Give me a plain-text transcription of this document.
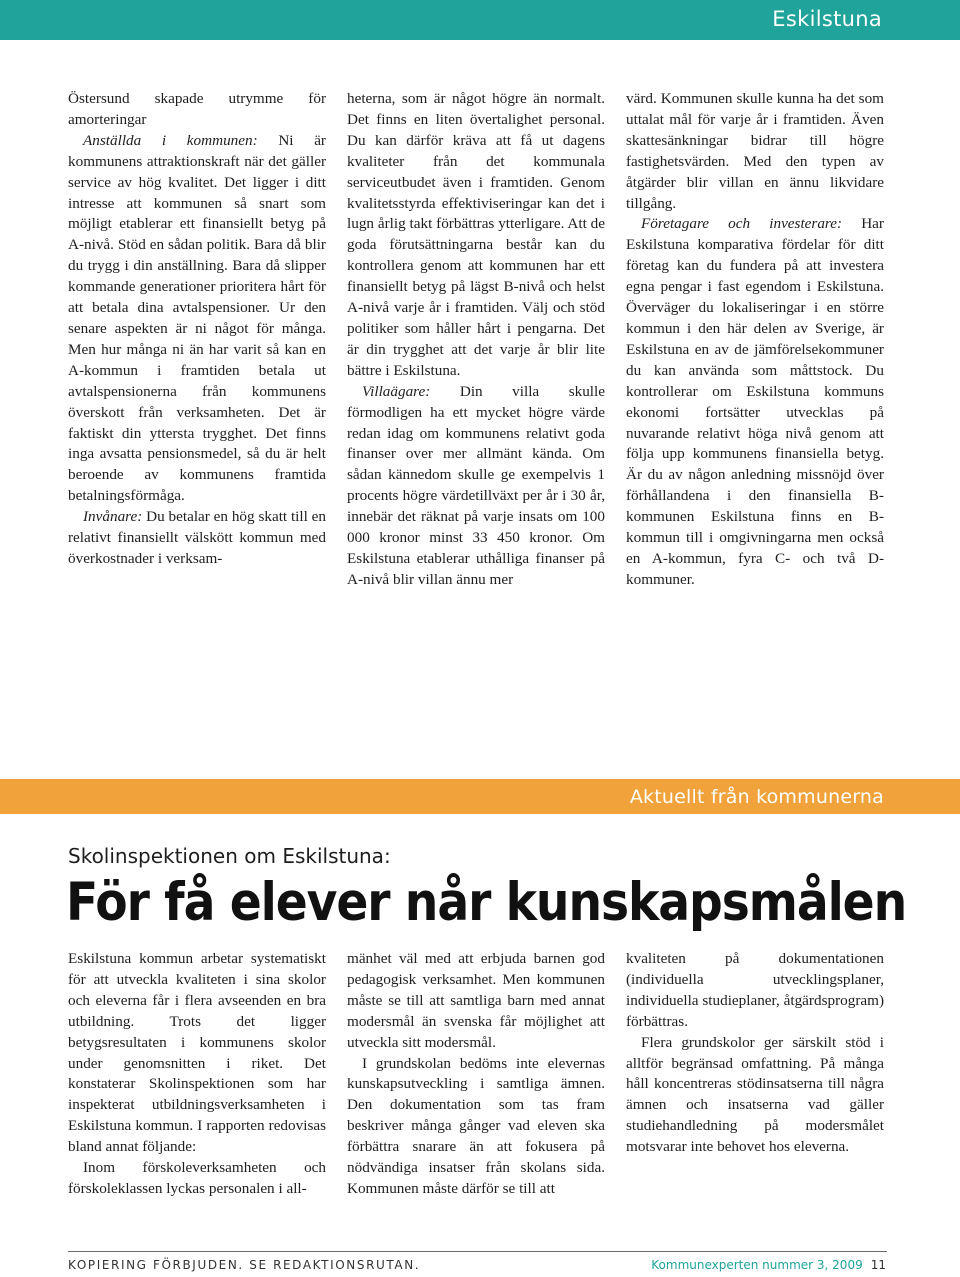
Eskilstuna

Östersund skapade utrymme för amorteringar

Anställda i kommunen: Ni är kommunens attraktionskraft när det gäller service av hög kvalitet. Det ligger i ditt intresse att kommunen så snart som möjligt etablerar ett finansiellt betyg på A-nivå. Stöd en sådan politik. Bara då blir du trygg i din anställning. Bara då slipper kommande generationer prioritera hårt för att betala dina avtalspensioner. Ur den senare aspekten är ni något för många. Men hur många ni än har varit så kan en A-kommun i framtiden betala ut avtalspensionerna från kommunens överskott från verksamheten. Det är faktiskt din yttersta trygghet. Det finns inga avsatta pensionsmedel, så du är helt beroende av kommunens framtida betalningsförmåga.

Invånare: Du betalar en hög skatt till en relativt finansiellt välskött kommun med överkostnader i verksam-

heterna, som är något högre än normalt. Det finns en liten övertalighet personal. Du kan därför kräva att få ut dagens kvaliteter från det kommunala serviceutbudet även i framtiden. Genom kvalitetsstyrda effektiviseringar kan det i lugn årlig takt förbättras ytterligare. Att de goda förutsättningarna består kan du kontrollera genom att kommunen har ett finansiellt betyg på lägst B-nivå och helst A-nivå varje år i framtiden. Välj och stöd politiker som håller hårt i pengarna. Det är din trygghet att det varje år blir lite bättre i Eskilstuna.

Villaägare: Din villa skulle förmodligen ha ett mycket högre värde redan idag om kommunens relativt goda finanser over mer allmänt kända. Om sådan kännedom skulle ge exempelvis 1 procents högre värdetillväxt per år i 30 år, innebär det räknat på varje insats om 100 000 kronor minst 33 450 kronor. Om Eskilstuna etablerar uthålliga finanser på A-nivå blir villan ännu mer

värd. Kommunen skulle kunna ha det som uttalat mål för varje år i framtiden. Även skattesänkningar bidrar till högre fastighetsvärden. Med den typen av åtgärder blir villan en ännu likvidare tillgång.

Företagare och investerare: Har Eskilstuna komparativa fördelar för ditt företag kan du fundera på att investera egna pengar i fast egendom i Eskilstuna. Överväger du lokaliseringar i en större kommun i den här delen av Sverige, är Eskilstuna en av de jämförelsekommuner du kan använda som måttstock. Du kontrollerar om Eskilstuna kommuns ekonomi fortsätter utvecklas på nuvarande relativt höga nivå genom att följa upp kommunens finansiella betyg. Är du av någon anledning missnöjd över förhållandena i den finansiella B-kommunen Eskilstuna finns en B-kommun till i omgivningarna men också en A-kommun, fyra C- och två D-kommuner.

Aktuellt från kommunerna
Skolinspektionen om Eskilstuna:
För få elever når kunskapsmålen

Eskilstuna kommun arbetar systematiskt för att utveckla kvaliteten i sina skolor och eleverna får i flera avseenden en bra utbildning. Trots det ligger betygsresultaten i kommunens skolor under genomsnitten i riket. Det konstaterar Skolinspektionen som har inspekterat utbildningsverksamheten i Eskilstuna kommun. I rapporten redovisas bland annat följande:

Inom förskoleverksamheten och förskoleklassen lyckas personalen i all-

mänhet väl med att erbjuda barnen god pedagogisk verksamhet. Men kommunen måste se till att samtliga barn med annat modersmål än svenska får möjlighet att utveckla sitt modersmål.

I grundskolan bedöms inte elevernas kunskapsutveckling i samtliga ämnen. Den dokumentation som tas fram beskriver många gånger vad eleven ska förbättra snarare än att fokusera på nödvändiga insatser från skolans sida. Kommunen måste därför se till att

kvaliteten på dokumentationen (individuella utvecklingsplaner, individuella studieplaner, åtgärdsprogram) förbättras.

Flera grundskolor ger särskilt stöd i alltför begränsad omfattning. På många håll koncentreras stödinsatserna till några ämnen och insatserna vad gäller studiehandledning på modersmålet motsvarar inte behovet hos eleverna.

KOPIERING FÖRBJUDEN. SE REDAKTIONSRUTAN.	Kommunexperten nummer 3, 2009 11
